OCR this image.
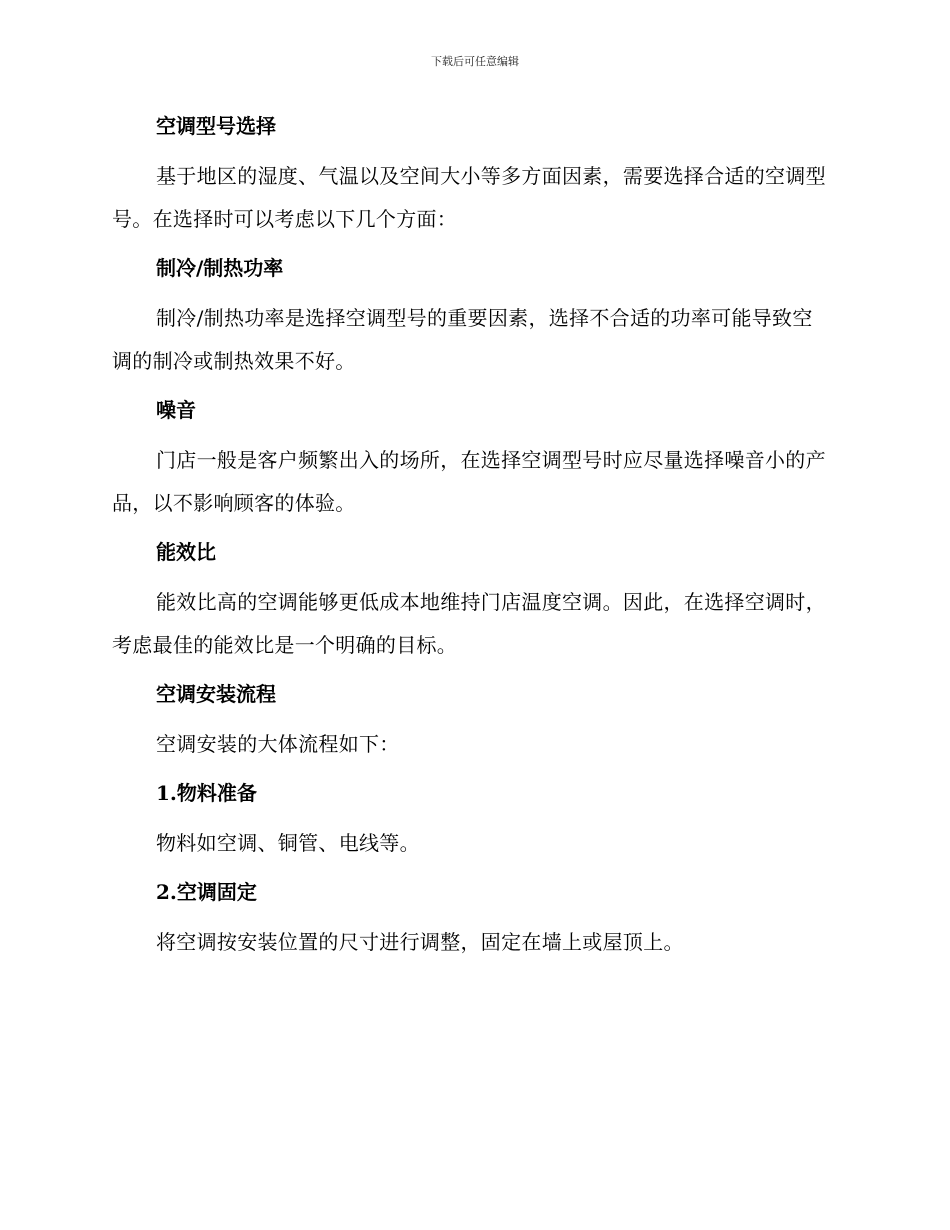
下载后可任意编辑
空调型号选择

基于地区的湿度、气温以及空间大小等多方面因素，需要选择合适的空调型号。在选择时可以考虑以下几个方面：

制冷/制热功率

制冷/制热功率是选择空调型号的重要因素，选择不合适的功率可能导致空调的制冷或制热效果不好。

噪音

门店一般是客户频繁出入的场所，在选择空调型号时应尽量选择噪音小的产品，以不影响顾客的体验。

能效比

能效比高的空调能够更低成本地维持门店温度空调。因此，在选择空调时，考虑最佳的能效比是一个明确的目标。

空调安装流程

空调安装的大体流程如下：

1.物料准备

物料如空调、铜管、电线等。

2.空调固定

将空调按安装位置的尺寸进行调整，固定在墙上或屋顶上。
